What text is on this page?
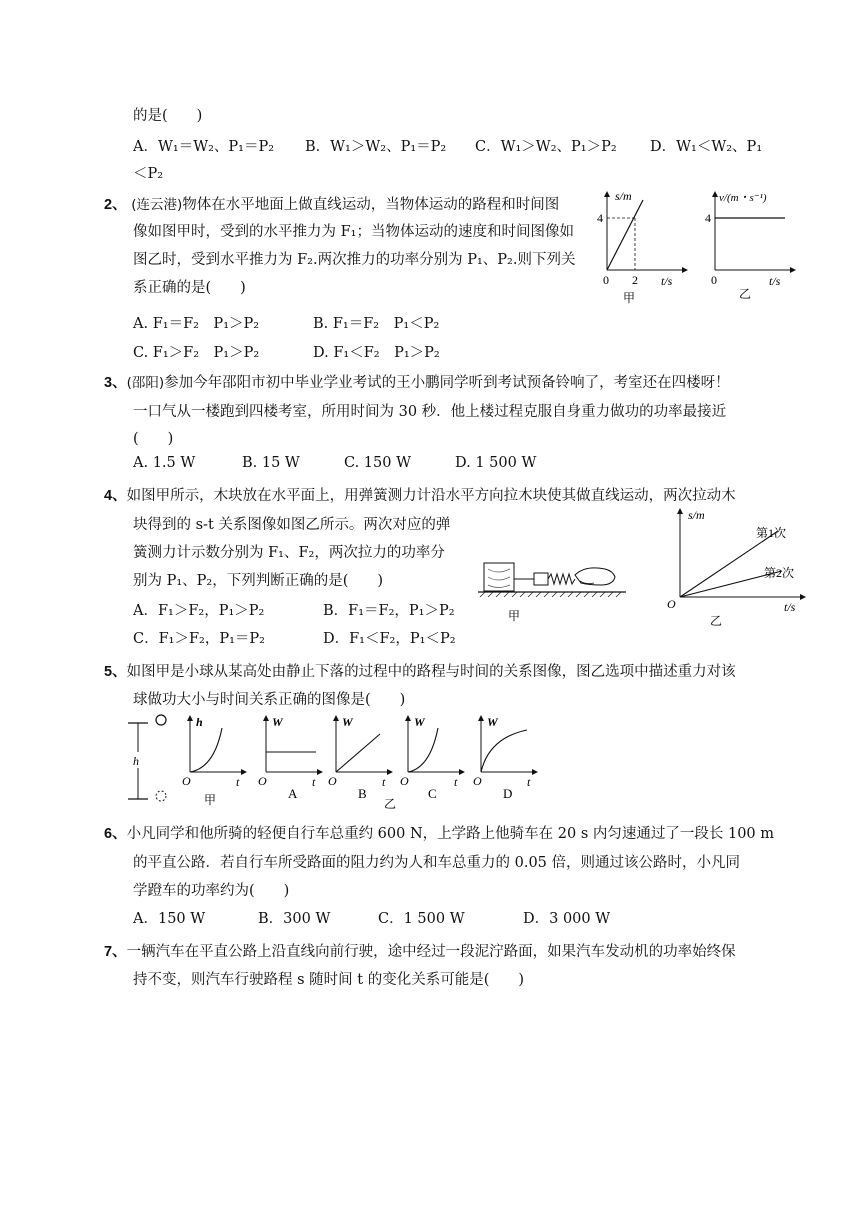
的是(　　)
A．W₁＝W₂、P₁＝P₂ B．W₁＞W₂、P₁＝P₂ C．W₁＞W₂、P₁＞P₂ D．W₁＜W₂、P₁
＜P₂
2、 (连云港)物体在水平地面上做直线运动，当物体运动的路程和时间图
像如图甲时，受到的水平推力为 F₁；当物体运动的速度和时间图像如
图乙时，受到水平推力为 F₂.两次推力的功率分别为 P₁、P₂.则下列关
系正确的是(　　)
A. F₁＝F₂　P₁＞P₂	B. F₁＝F₂　P₁＜P₂
C. F₁＞F₂　P₁＞P₂	D. F₁＜F₂　P₁＞P₂
s/m
4
2
0	t/s
甲
v/(m・s⁻¹)
4
0	t/s
乙
3、(邵阳)参加今年邵阳市初中毕业学业考试的王小鹏同学听到考试预备铃响了，考室还在四楼呀！
一口气从一楼跑到四楼考室，所用时间为 30 秒．他上楼过程克服自身重力做功的功率最接近
(　　)
A. 1.5 W	B. 15 W	C. 150 W	D. 1 500 W
4、如图甲所示，木块放在水平面上，用弹簧测力计沿水平方向拉木块使其做直线运动，两次拉动木
块得到的 s-t 关系图像如图乙所示。两次对应的弹
簧测力计示数分别为 F₁、F₂，两次拉力的功率分
别为 P₁、P₂，下列判断正确的是(　　)
A．F₁＞F₂，P₁＞P₂	B．F₁＝F₂，P₁＞P₂
C．F₁＞F₂，P₁＝P₂	D．F₁＜F₂，P₁＜P₂
甲
s/m
第1次
第2次
O	t/s
乙
5、如图甲是小球从某高处由静止下落的过程中的路程与时间的关系图像，图乙选项中描述重力对该
球做功大小与时间关系正确的图像是(　　)
h
h
O	t
甲
W
O	t
A
W
O	t
B
W
O	t
C
W
O	t
D
乙
6、小凡同学和他所骑的轻便自行车总重约 600 N，上学路上他骑车在 20 s 内匀速通过了一段长 100 m
的平直公路．若自行车所受路面的阻力约为人和车总重力的 0.05 倍，则通过该公路时，小凡同
学蹬车的功率约为(　　)
A．150 W	B．300 W	C．1 500 W	D．3 000 W
7、一辆汽车在平直公路上沿直线向前行驶，途中经过一段泥泞路面，如果汽车发动机的功率始终保
持不变，则汽车行驶路程 s 随时间 t 的变化关系可能是(　　)
